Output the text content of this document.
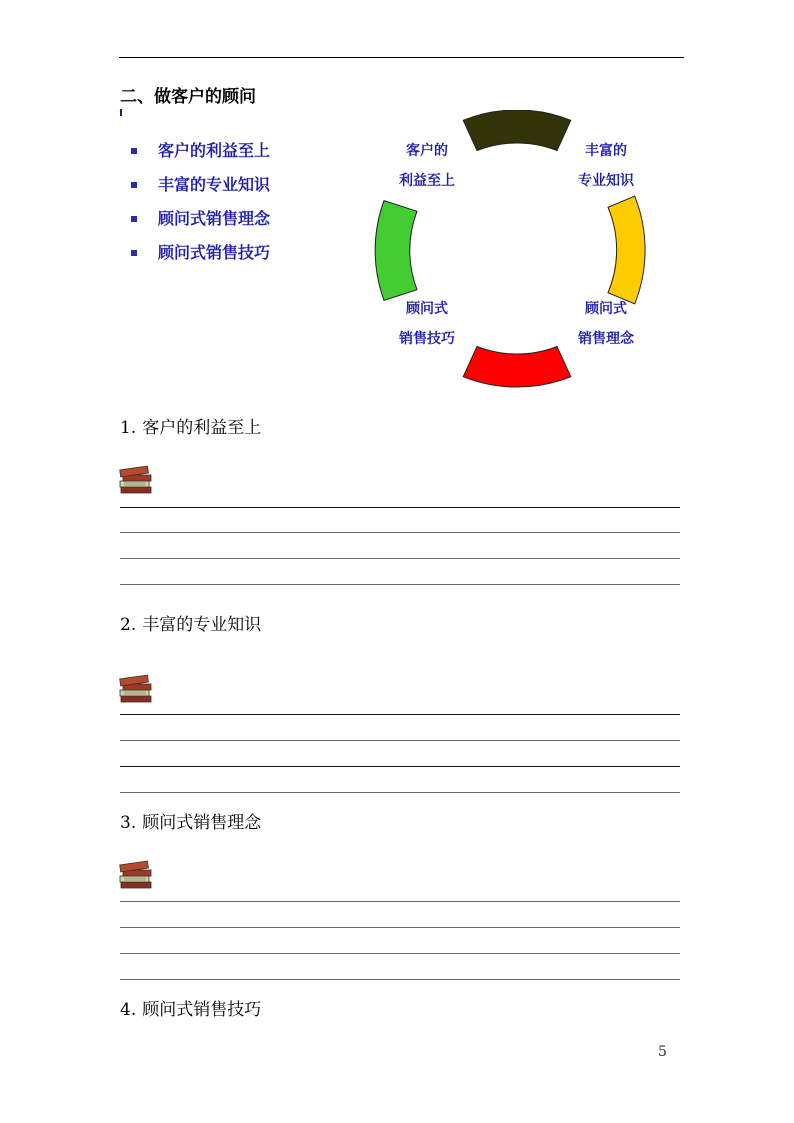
二、做客户的顾问
客户的利益至上
丰富的专业知识
顾问式销售理念
顾问式销售技巧
客户的
利益至上
丰富的
专业知识
顾问式
销售技巧
顾问式
销售理念
1. 客户的利益至上
2. 丰富的专业知识
3. 顾问式销售理念
4. 顾问式销售技巧
5
